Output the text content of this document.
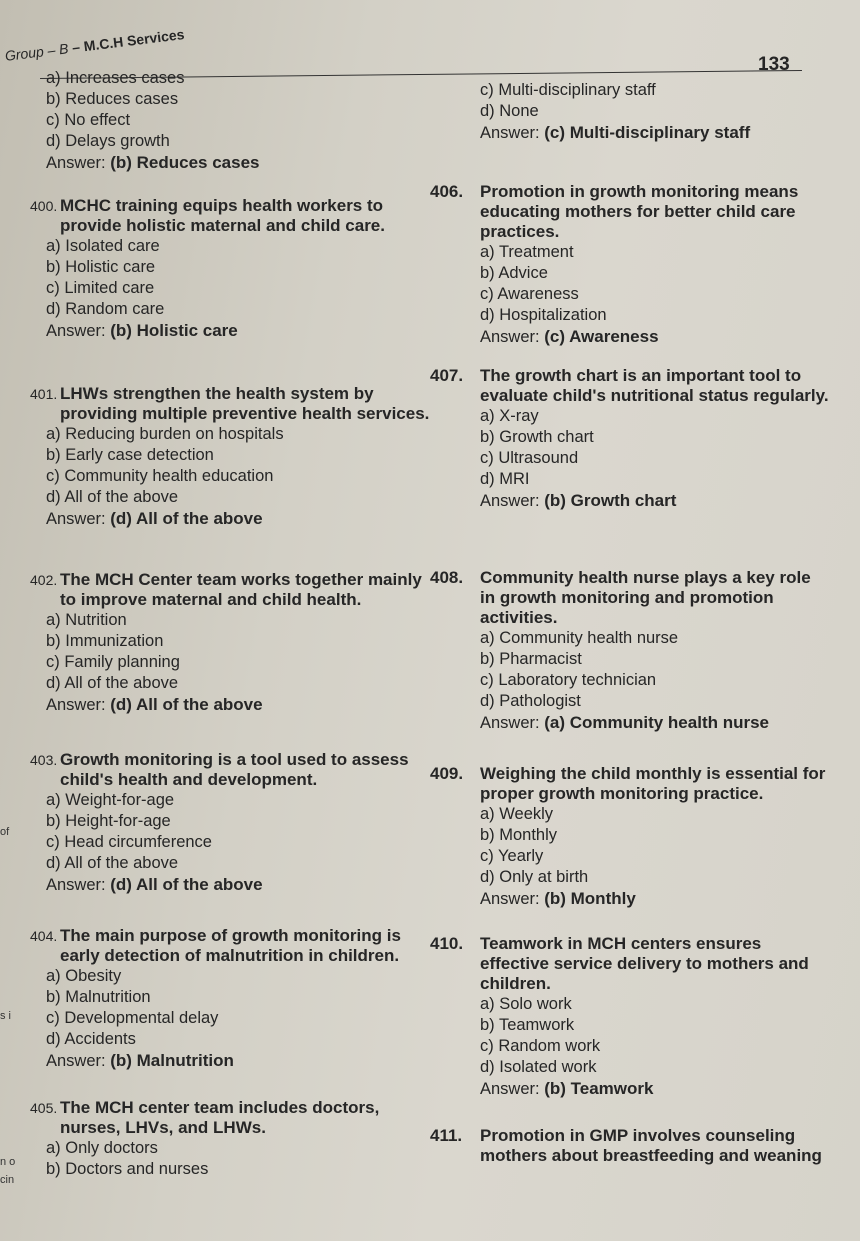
Group – B – M.C.H Services
133
of
s i
n o
cin
a) Increases cases
b) Reduces cases
c) No effect
d) Delays growth
Answer: (b) Reduces cases
400. MCHC training equips health workers to provide holistic maternal and child care.
a) Isolated care
b) Holistic care
c) Limited care
d) Random care
Answer: (b) Holistic care
401. LHWs strengthen the health system by providing multiple preventive health services.
a) Reducing burden on hospitals
b) Early case detection
c) Community health education
d) All of the above
Answer: (d) All of the above
402. The MCH Center team works together mainly to improve maternal and child health.
a) Nutrition
b) Immunization
c) Family planning
d) All of the above
Answer: (d) All of the above
403. Growth monitoring is a tool used to assess child's health and development.
a) Weight-for-age
b) Height-for-age
c) Head circumference
d) All of the above
Answer: (d) All of the above
404. The main purpose of growth monitoring is early detection of malnutrition in children.
a) Obesity
b) Malnutrition
c) Developmental delay
d) Accidents
Answer: (b) Malnutrition
405. The MCH center team includes doctors, nurses, LHVs, and LHWs.
a) Only doctors
b) Doctors and nurses
c) Multi-disciplinary staff
d) None
Answer: (c) Multi-disciplinary staff
406. Promotion in growth monitoring means educating mothers for better child care practices.
a) Treatment
b) Advice
c) Awareness
d) Hospitalization
Answer: (c) Awareness
407. The growth chart is an important tool to evaluate child's nutritional status regularly.
a) X-ray
b) Growth chart
c) Ultrasound
d) MRI
Answer: (b) Growth chart
408. Community health nurse plays a key role in growth monitoring and promotion activities.
a) Community health nurse
b) Pharmacist
c) Laboratory technician
d) Pathologist
Answer: (a) Community health nurse
409. Weighing the child monthly is essential for proper growth monitoring practice.
a) Weekly
b) Monthly
c) Yearly
d) Only at birth
Answer: (b) Monthly
410. Teamwork in MCH centers ensures effective service delivery to mothers and children.
a) Solo work
b) Teamwork
c) Random work
d) Isolated work
Answer: (b) Teamwork
411. Promotion in GMP involves counseling mothers about breastfeeding and weaning
